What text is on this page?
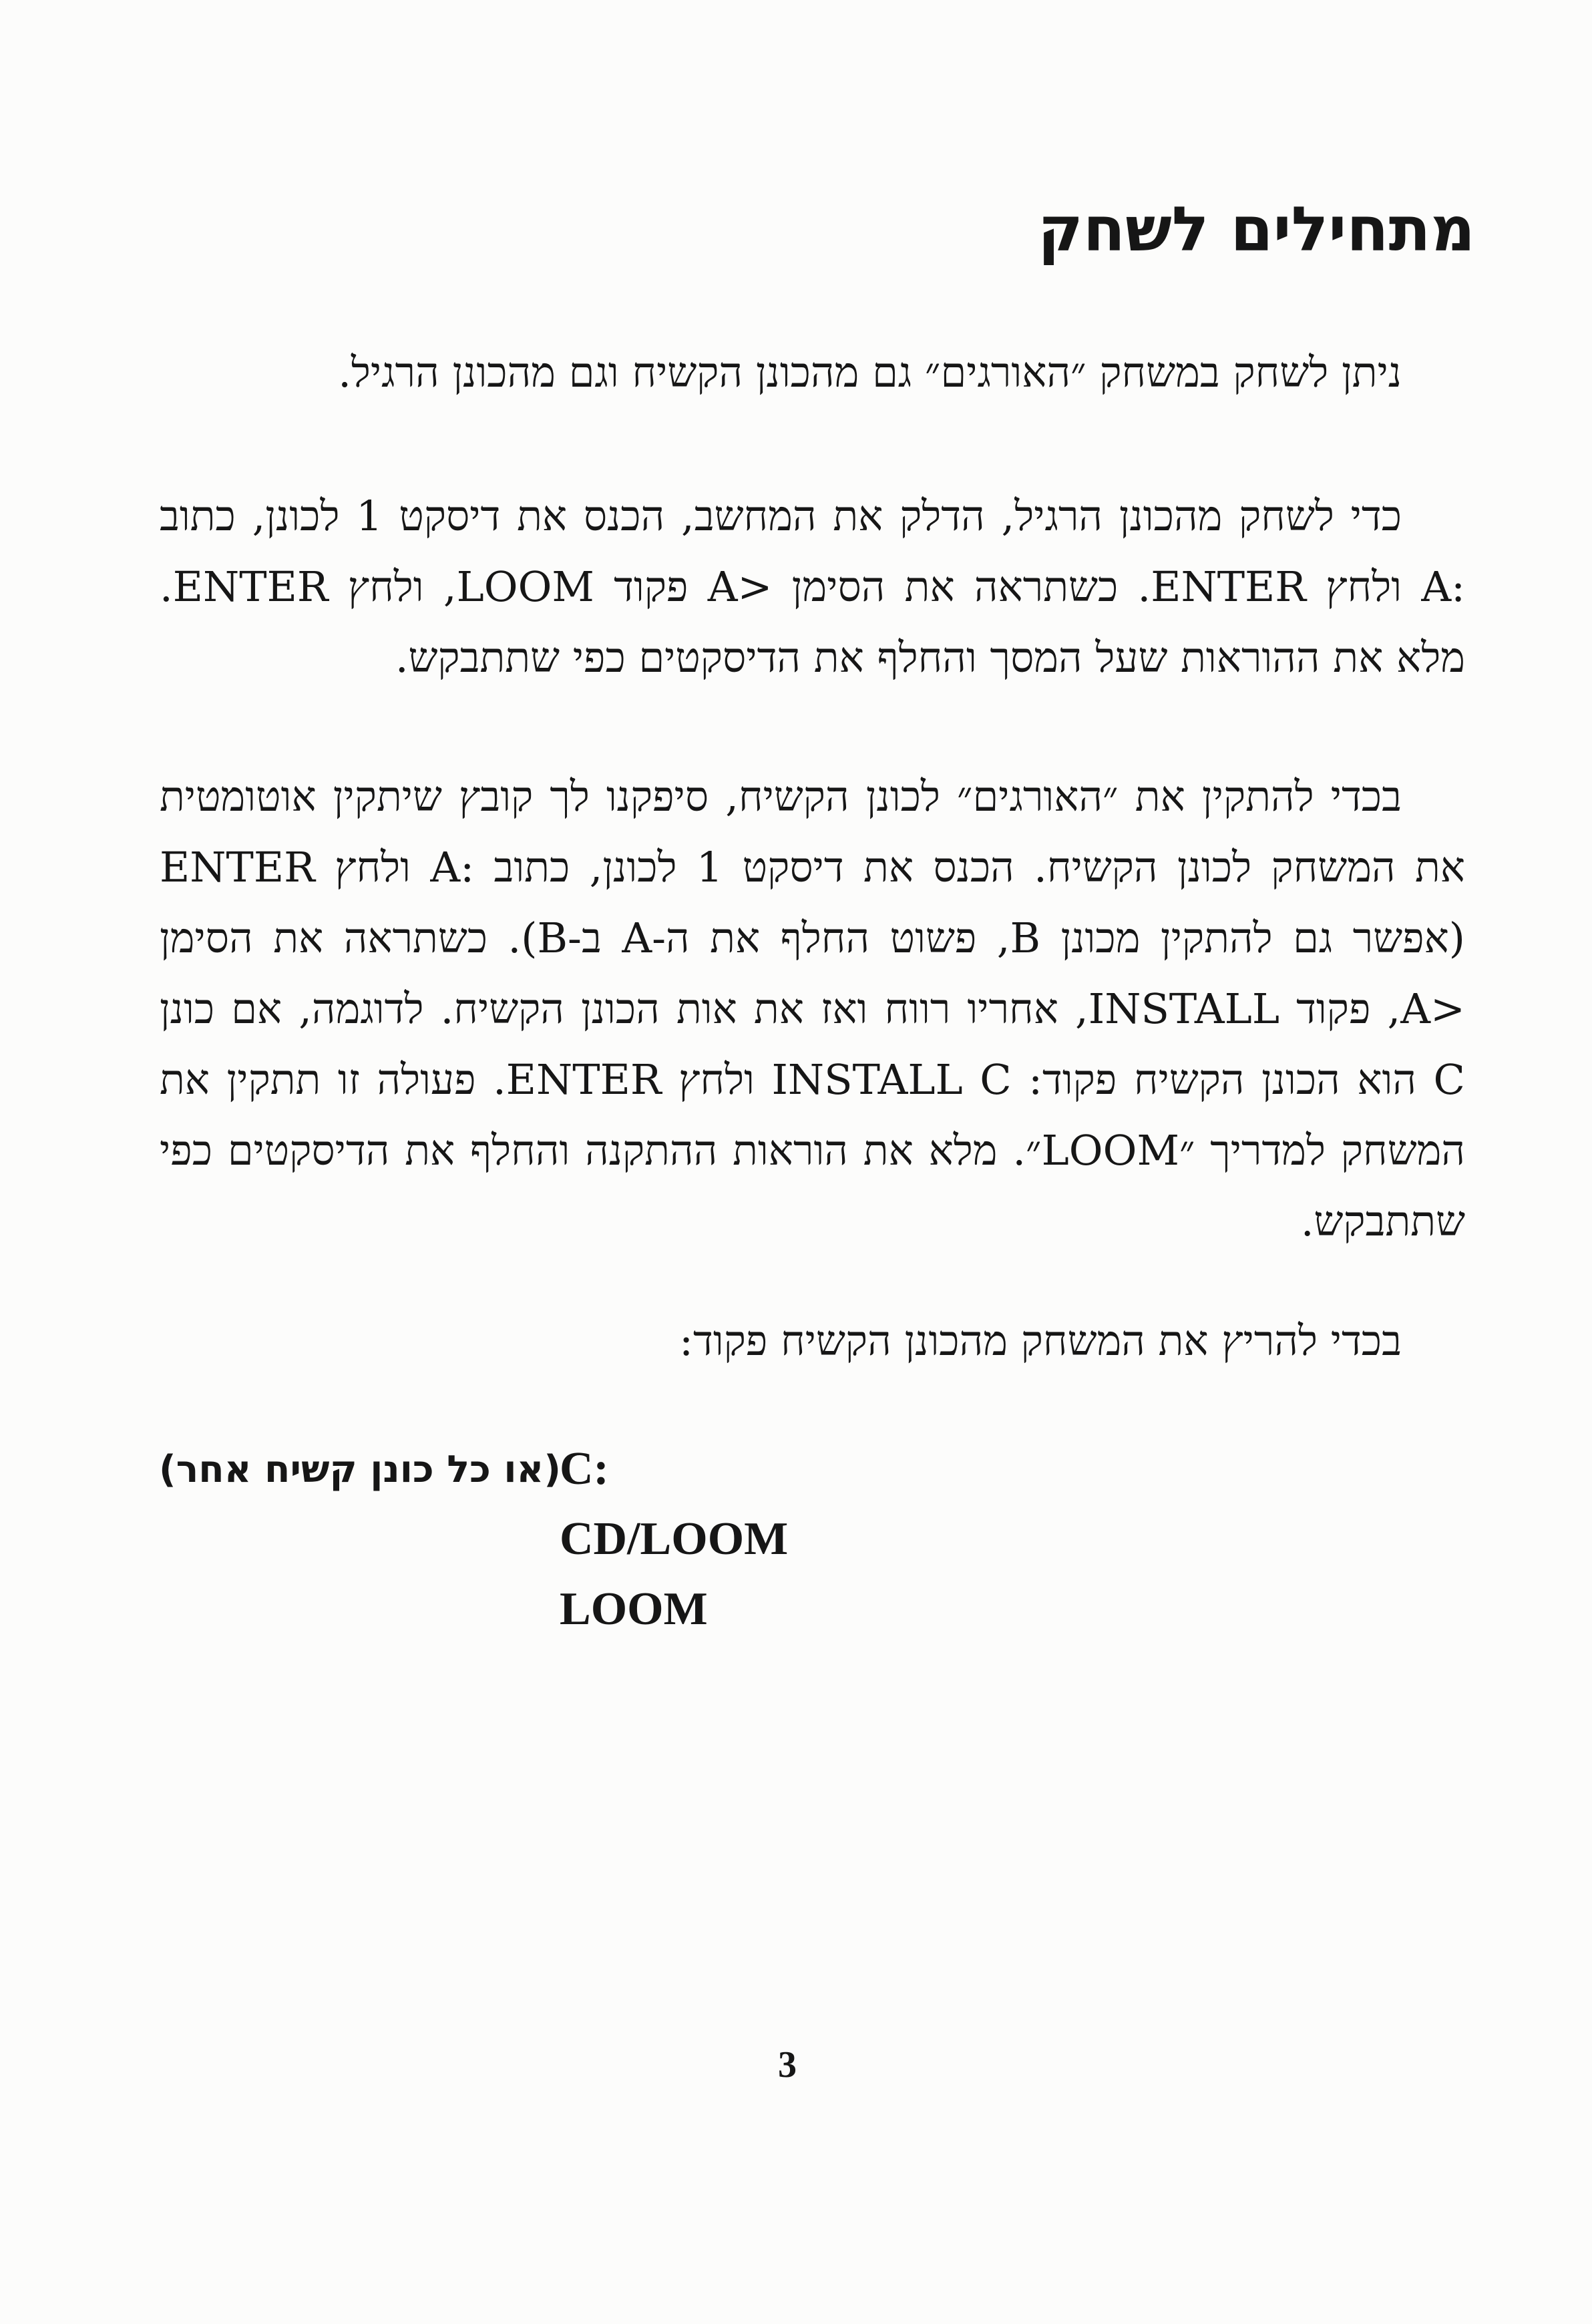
מתחילים לשחק

ניתן לשחק במשחק ״האורגים״ גם מהכונן הקשיח וגם מהכונן הרגיל.

כדי לשחק מהכונן הרגיל, הדלק את המחשב, הכנס את דיסקט 1 לכונן, כתוב :A ולחץ ENTER. כשתראה את הסימן <A פקוד LOOM, ולחץ ENTER. מלא את ההוראות שעל המסך והחלף את הדיסקטים כפי שתתבקש.

בכדי להתקין את ״האורגים״ לכונן הקשיח, סיפקנו לך קובץ שיתקין אוטומטית את המשחק לכונן הקשיח. הכנס את דיסקט 1 לכונן, כתוב :A ולחץ ENTER (אפשר גם להתקין מכונן B, פשוט החלף את ה-A ב-B). כשתראה את הסימן <A, פקוד INSTALL, אחריו רווח ואז את אות הכונן הקשיח. לדוגמה, אם כונן C הוא הכונן הקשיח פקוד: INSTALL C ולחץ ENTER. פעולה זו תתקין את המשחק למדריך ״LOOM״. מלא את הוראות ההתקנה והחלף את הדיסקטים כפי שתתבקש.

בכדי להריץ את המשחק מהכונן הקשיח פקוד:

C:

(או כל כונן קשיח אחר)

CD/LOOM

LOOM

3
